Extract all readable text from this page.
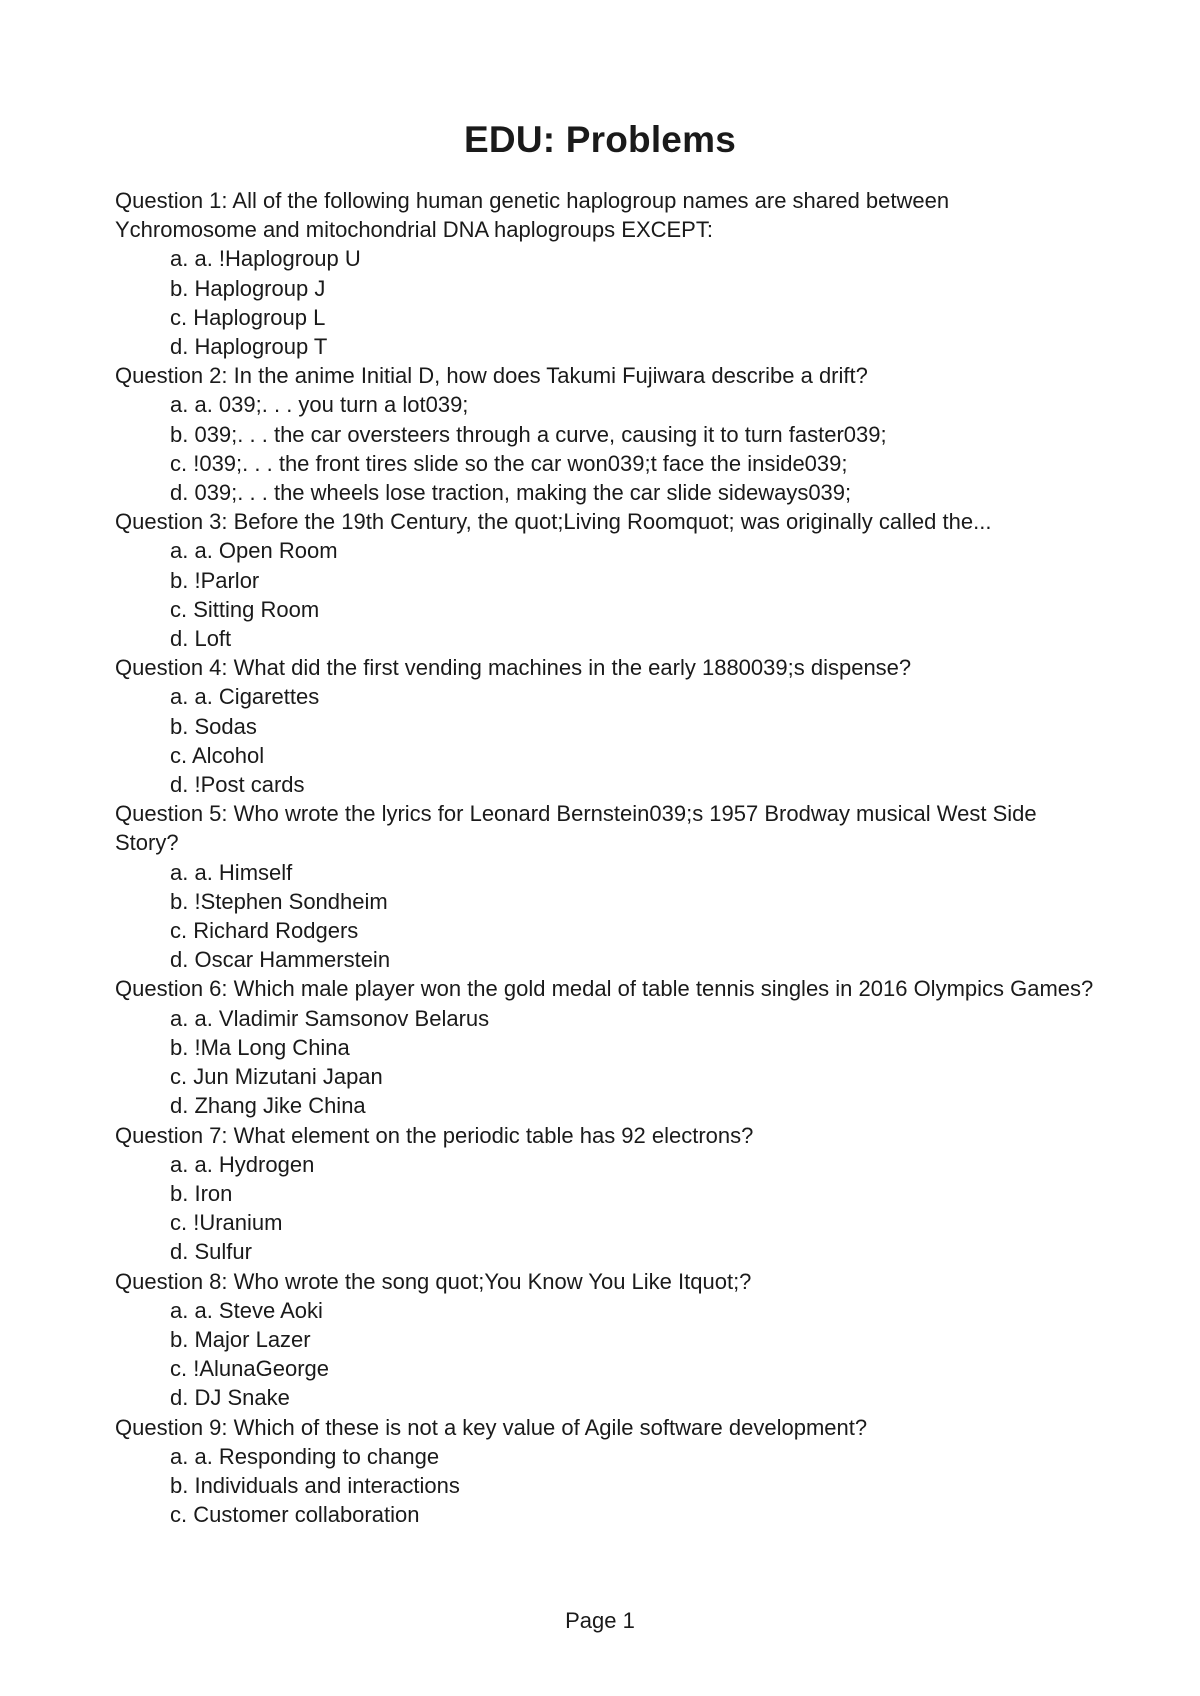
EDU: Problems
Question 1: All of the following human genetic haplogroup names are shared between Ychromosome and mitochondrial DNA haplogroups EXCEPT:
a. a. !Haplogroup U
b. Haplogroup J
c. Haplogroup L
d. Haplogroup T
Question 2: In the anime Initial D, how does Takumi Fujiwara describe a drift?
a. a. 039;. . . you turn a lot039;
b. 039;. . . the car oversteers through a curve, causing it to turn faster039;
c. !039;. . . the front tires slide so the car won039;t face the inside039;
d. 039;. . . the wheels lose traction, making the car slide sideways039;
Question 3: Before the 19th Century, the quot;Living Roomquot; was originally called the...
a. a. Open Room
b. !Parlor
c. Sitting Room
d. Loft
Question 4: What did the first vending machines in the early 1880039;s dispense?
a. a. Cigarettes
b. Sodas
c. Alcohol
d. !Post cards
Question 5: Who wrote the lyrics for Leonard Bernstein039;s 1957 Brodway musical West Side Story?
a. a. Himself
b. !Stephen Sondheim
c. Richard Rodgers
d. Oscar Hammerstein
Question 6: Which male player won the gold medal of table tennis singles in 2016 Olympics Games?
a. a. Vladimir Samsonov Belarus
b. !Ma Long China
c. Jun Mizutani Japan
d. Zhang Jike China
Question 7: What element on the periodic table has 92 electrons?
a. a. Hydrogen
b. Iron
c. !Uranium
d. Sulfur
Question 8: Who wrote the song quot;You Know You Like Itquot;?
a. a. Steve Aoki
b. Major Lazer
c. !AlunaGeorge
d. DJ Snake
Question 9: Which of these is not a key value of Agile software development?
a. a. Responding to change
b. Individuals and interactions
c. Customer collaboration
Page 1
